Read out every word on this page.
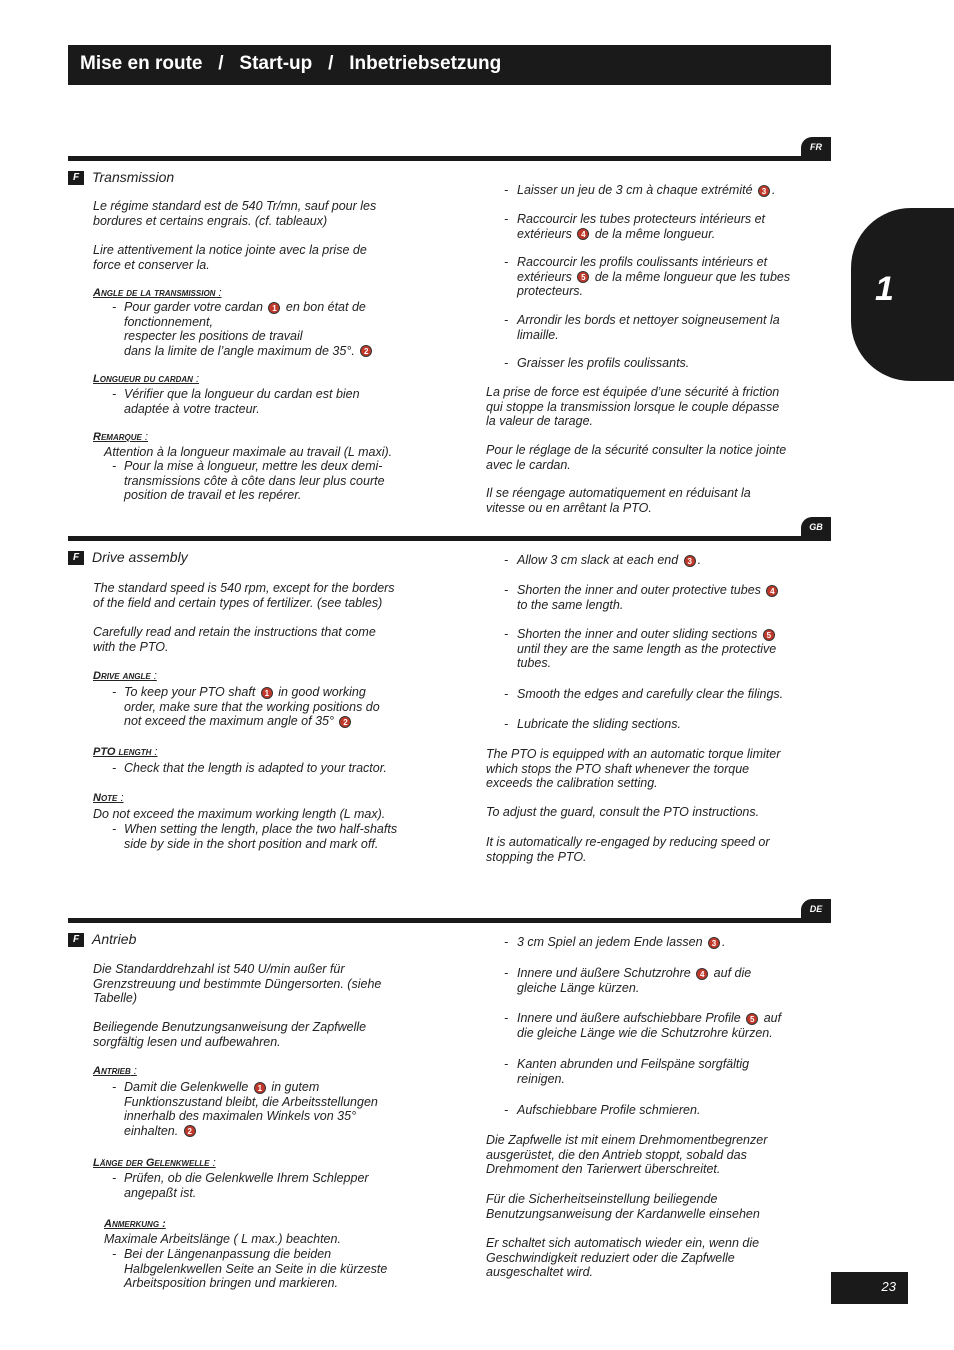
Mise en route   /   Start-up   /   Inbetriebsetzung
1
FR
F Transmission

Le régime standard est de 540 Tr/mn, sauf pour les
bordures et certains engrais. (cf. tableaux)

Lire attentivement la notice jointe avec la prise de
force et conserver la.

Angle de la transmission :
- Pour garder votre cardan 1 en bon état de
fonctionnement,
respecter les positions de travail
dans la limite de l’angle maximum de 35°. 2

Longueur du cardan :
- Vérifier que la longueur du cardan est bien
adaptée à votre tracteur.

Remarque :

Attention à la longueur maximale au travail (L maxi).

- Pour la mise à longueur, mettre les deux demi-
transmissions côte à côte dans leur plus courte
position de travail et les repérer.

- Laisser un jeu de 3 cm à chaque extrémité 3 .

- Raccourcir les tubes protecteurs intérieurs et
extérieurs 4 de la même longueur.

- Raccourcir les profils coulissants intérieurs et
extérieurs 5 de la même longueur que les tubes
protecteurs.

- Arrondir les bords et nettoyer soigneusement la
limaille.

- Graisser les profils coulissants.

La prise de force est équipée d’une sécurité à friction
qui stoppe la transmission lorsque le couple dépasse
la valeur de tarage.

Pour le réglage de la sécurité consulter la notice jointe
avec le cardan.

Il se réengage automatiquement en réduisant la
vitesse ou en arrêtant la PTO.

GB
F Drive assembly

The standard speed is 540 rpm, except for the borders
of the field and certain types of fertilizer. (see tables)

Carefully read and retain the instructions that come
with the PTO.

Drive angle :
- To keep your PTO shaft 1 in good working
order, make sure that the working positions do
not exceed the maximum angle of 35° 2

PTO length :
- Check that the length is adapted to your tractor.

Note :

Do not exceed the maximum working length (L max).

- When setting the length, place the two half-shafts
side by side in the short position and mark off.

- Allow 3 cm slack at each end 3 .

- Shorten the inner and outer protective tubes 4
to the same length.

- Shorten the inner and outer sliding sections 5
until they are the same length as the protective
tubes.

- Smooth the edges and carefully clear the filings.

- Lubricate the sliding sections.

The PTO is equipped with an automatic torque limiter
which stops the PTO shaft whenever the torque
exceeds the calibration setting.

To adjust the guard, consult the PTO instructions.

It is automatically re-engaged by reducing speed or
stopping the PTO.

DE
F Antrieb

Die Standarddrehzahl ist 540 U/min außer für
Grenzstreuung und bestimmte Düngersorten. (siehe
Tabelle)

Beiliegende Benutzungsanweisung der Zapfwelle
sorgfältig lesen und aufbewahren.

Antrieb :
- Damit die Gelenkwelle 1 in gutem
Funktionszustand bleibt, die Arbeitsstellungen
innerhalb des maximalen Winkels von 35°
einhalten. 2

Länge der Gelenkwelle :
- Prüfen, ob die Gelenkwelle Ihrem Schlepper
angepaßt ist.

Anmerkung :

Maximale Arbeitslänge ( L max.) beachten.

- Bei der Längenanpassung die beiden
Halbgelenkwellen Seite an Seite in die kürzeste
Arbeitsposition bringen und markieren.

- 3 cm Spiel an jedem Ende lassen 3 .

- Innere und äußere Schutzrohre 4 auf die
gleiche Länge kürzen.

- Innere und äußere aufschiebbare Profile 5 auf
die gleiche Länge wie die Schutzrohre kürzen.

- Kanten abrunden und Feilspäne sorgfältig
reinigen.

- Aufschiebbare Profile schmieren.

Die Zapfwelle ist mit einem Drehmomentbegrenzer
ausgerüstet, die den Antrieb stoppt, sobald das
Drehmoment den Tarierwert überschreitet.

Für die Sicherheitseinstellung beiliegende
Benutzungsanweisung der Kardanwelle einsehen

Er schaltet sich automatisch wieder ein, wenn die
Geschwindigkeit reduziert oder die Zapfwelle
ausgeschaltet wird.

23
